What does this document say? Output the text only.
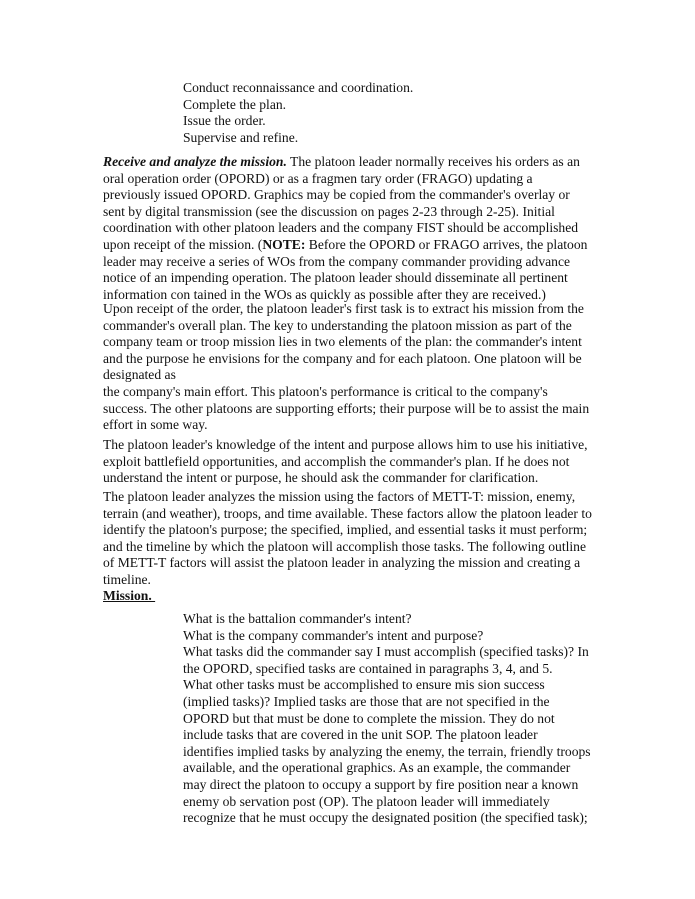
Conduct reconnaissance and coordination.
Complete the plan.
Issue the order.
Supervise and refine.
Receive and analyze the mission. The platoon leader normally receives his orders as an
oral operation order (OPORD) or as a fragmen tary order (FRAGO) updating a
previously issued OPORD. Graphics may be copied from the commander's overlay or
sent by digital transmission (see the discussion on pages 2-23 through 2-25). Initial
coordination with other platoon leaders and the company FIST should be accomplished
upon receipt of the mission. (NOTE: Before the OPORD or FRAGO arrives, the platoon
leader may receive a series of WOs from the company commander providing advance
notice of an impending operation. The platoon leader should disseminate all pertinent
information con tained in the WOs as quickly as possible after they are received.)
Upon receipt of the order, the platoon leader's first task is to extract his mission from the
commander's overall plan. The key to understanding the platoon mission as part of the
company team or troop mission lies in two elements of the plan: the commander's intent
and the purpose he envisions for the company and for each platoon. One platoon will be
designated as
the company's main effort. This platoon's performance is critical to the company's
success. The other platoons are supporting efforts; their purpose will be to assist the main
effort in some way.
The platoon leader's knowledge of the intent and purpose allows him to use his initiative,
exploit battlefield opportunities, and accomplish the commander's plan. If he does not
understand the intent or purpose, he should ask the commander for clarification.
The platoon leader analyzes the mission using the factors of METT-T: mission, enemy,
terrain (and weather), troops, and time available. These factors allow the platoon leader to
identify the platoon's purpose; the specified, implied, and essential tasks it must perform;
and the timeline by which the platoon will accomplish those tasks. The following outline
of METT-T factors will assist the platoon leader in analyzing the mission and creating a
timeline.
Mission.
What is the battalion commander's intent?
What is the company commander's intent and purpose?
What tasks did the commander say I must accomplish (specified tasks)? In
the OPORD, specified tasks are contained in paragraphs 3, 4, and 5.
What other tasks must be accomplished to ensure mis sion success
(implied tasks)? Implied tasks are those that are not specified in the
OPORD but that must be done to complete the mission. They do not
include tasks that are covered in the unit SOP. The platoon leader
identifies implied tasks by analyzing the enemy, the terrain, friendly troops
available, and the operational graphics. As an example, the commander
may direct the platoon to occupy a support by fire position near a known
enemy ob servation post (OP). The platoon leader will immediately
recognize that he must occupy the designated position (the specified task);
